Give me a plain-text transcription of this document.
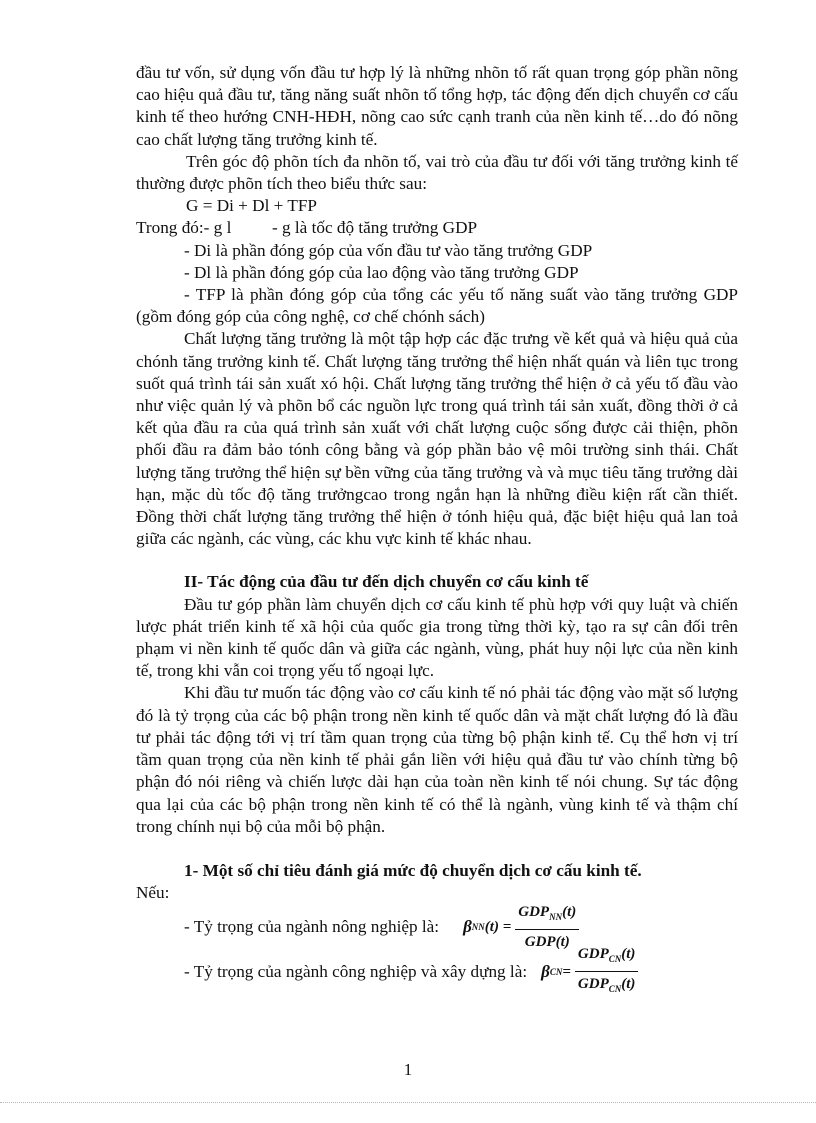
đầu tư vốn, sử dụng vốn đầu tư hợp lý là những nhõn tố rất quan trọng góp phần nõng cao hiệu quả đầu tư, tăng năng suất nhõn tố tổng hợp, tác động đến dịch chuyển cơ cấu kinh tế theo hướng CNH-HĐH, nõng cao sức cạnh tranh của nền kinh tế…do đó nõng cao chất lượng tăng trưởng kinh tế.

Trên góc độ phõn tích đa nhõn tố, vai trò của đầu tư đối với tăng trưởng kinh tế thường được phõn tích theo biểu thức sau:

G = Di + Dl + TFP

Trong đó:- g l - g là tốc độ tăng trưởng GDP

- Di là phần đóng góp của vốn đầu tư vào tăng trưởng GDP

- Dl là phần đóng góp của lao động vào tăng trưởng GDP

- TFP là phần đóng góp của tổng các yếu tố năng suất vào tăng trưởng GDP (gồm đóng góp của công nghệ, cơ chế chónh sách)

Chất lượng tăng trưởng là một tập hợp các đặc trưng về kết quả và hiệu quả của chónh tăng trưởng kinh tế. Chất lượng tăng trưởng thể hiện nhất quán và liên tục trong suốt quá trình tái sản xuất xó hội. Chất lượng tăng trưởng thể hiện ở cả yếu tố đầu vào như việc quản lý và phõn bổ các nguồn lực trong quá trình tái sản xuất, đồng thời ở cả kết qủa đầu ra của quá trình sản xuất với chất lượng cuộc sống được cải thiện, phõn phối đầu ra đảm bảo tónh công bằng và góp phần bảo vệ môi trường sinh thái. Chất lượng tăng trưởng thể hiện sự bền vững của tăng trưởng và và mục tiêu tăng trưởng dài hạn, mặc dù tốc độ tăng trưởngcao trong ngắn hạn là những điều kiện rất cần thiết. Đồng thời chất lượng tăng trưởng thể hiện ở tónh hiệu quả, đặc biệt hiệu quả lan toả giữa các ngành, các vùng, các khu vực kinh tế khác nhau.

II- Tác động của đầu tư đến dịch chuyển cơ cấu kinh tế

Đầu tư góp phần làm chuyển dịch cơ cấu kinh tế phù hợp với quy luật và chiến lược phát triển kinh tế xã hội của quốc gia trong từng thời kỳ, tạo ra sự cân đối trên phạm vi nền kinh tế quốc dân và giữa các ngành, vùng, phát huy nội lực của nền kinh tế, trong khi vẫn coi trọng yếu tố ngoại lực.

Khi đầu tư muốn tác động vào cơ cấu kinh tế nó phải tác động vào mặt số lượng đó là tỷ trọng của các bộ phận trong nền kinh tế quốc dân và mặt chất lượng đó là đầu tư phải tác động tới vị trí tầm quan trọng của từng bộ phận kinh tế. Cụ thể hơn vị trí tầm quan trọng của nền kinh tế phải gắn liền với hiệu quả đầu tư vào chính từng bộ phận đó nói riêng và chiến lược dài hạn của toàn nền kinh tế nói chung. Sự tác động qua lại của các bộ phận trong nền kinh tế có thể là ngành, vùng kinh tế và thậm chí trong chính nụi bộ của mỗi bộ phận.

1- Một số chỉ tiêu đánh giá mức độ chuyển dịch cơ cấu kinh tế.

Nếu:

- Tỷ trọng của ngành nông nghiệp là: β NN $(t) = \frac{GDP_{NN}(t)}{\text{GDP(t)}}$
- Tỷ trọng của ngành công nghiệp và xây dựng là: β CN = $\frac{GDP_{CN}(t)}{GDP_{CN}(t)}$
1
